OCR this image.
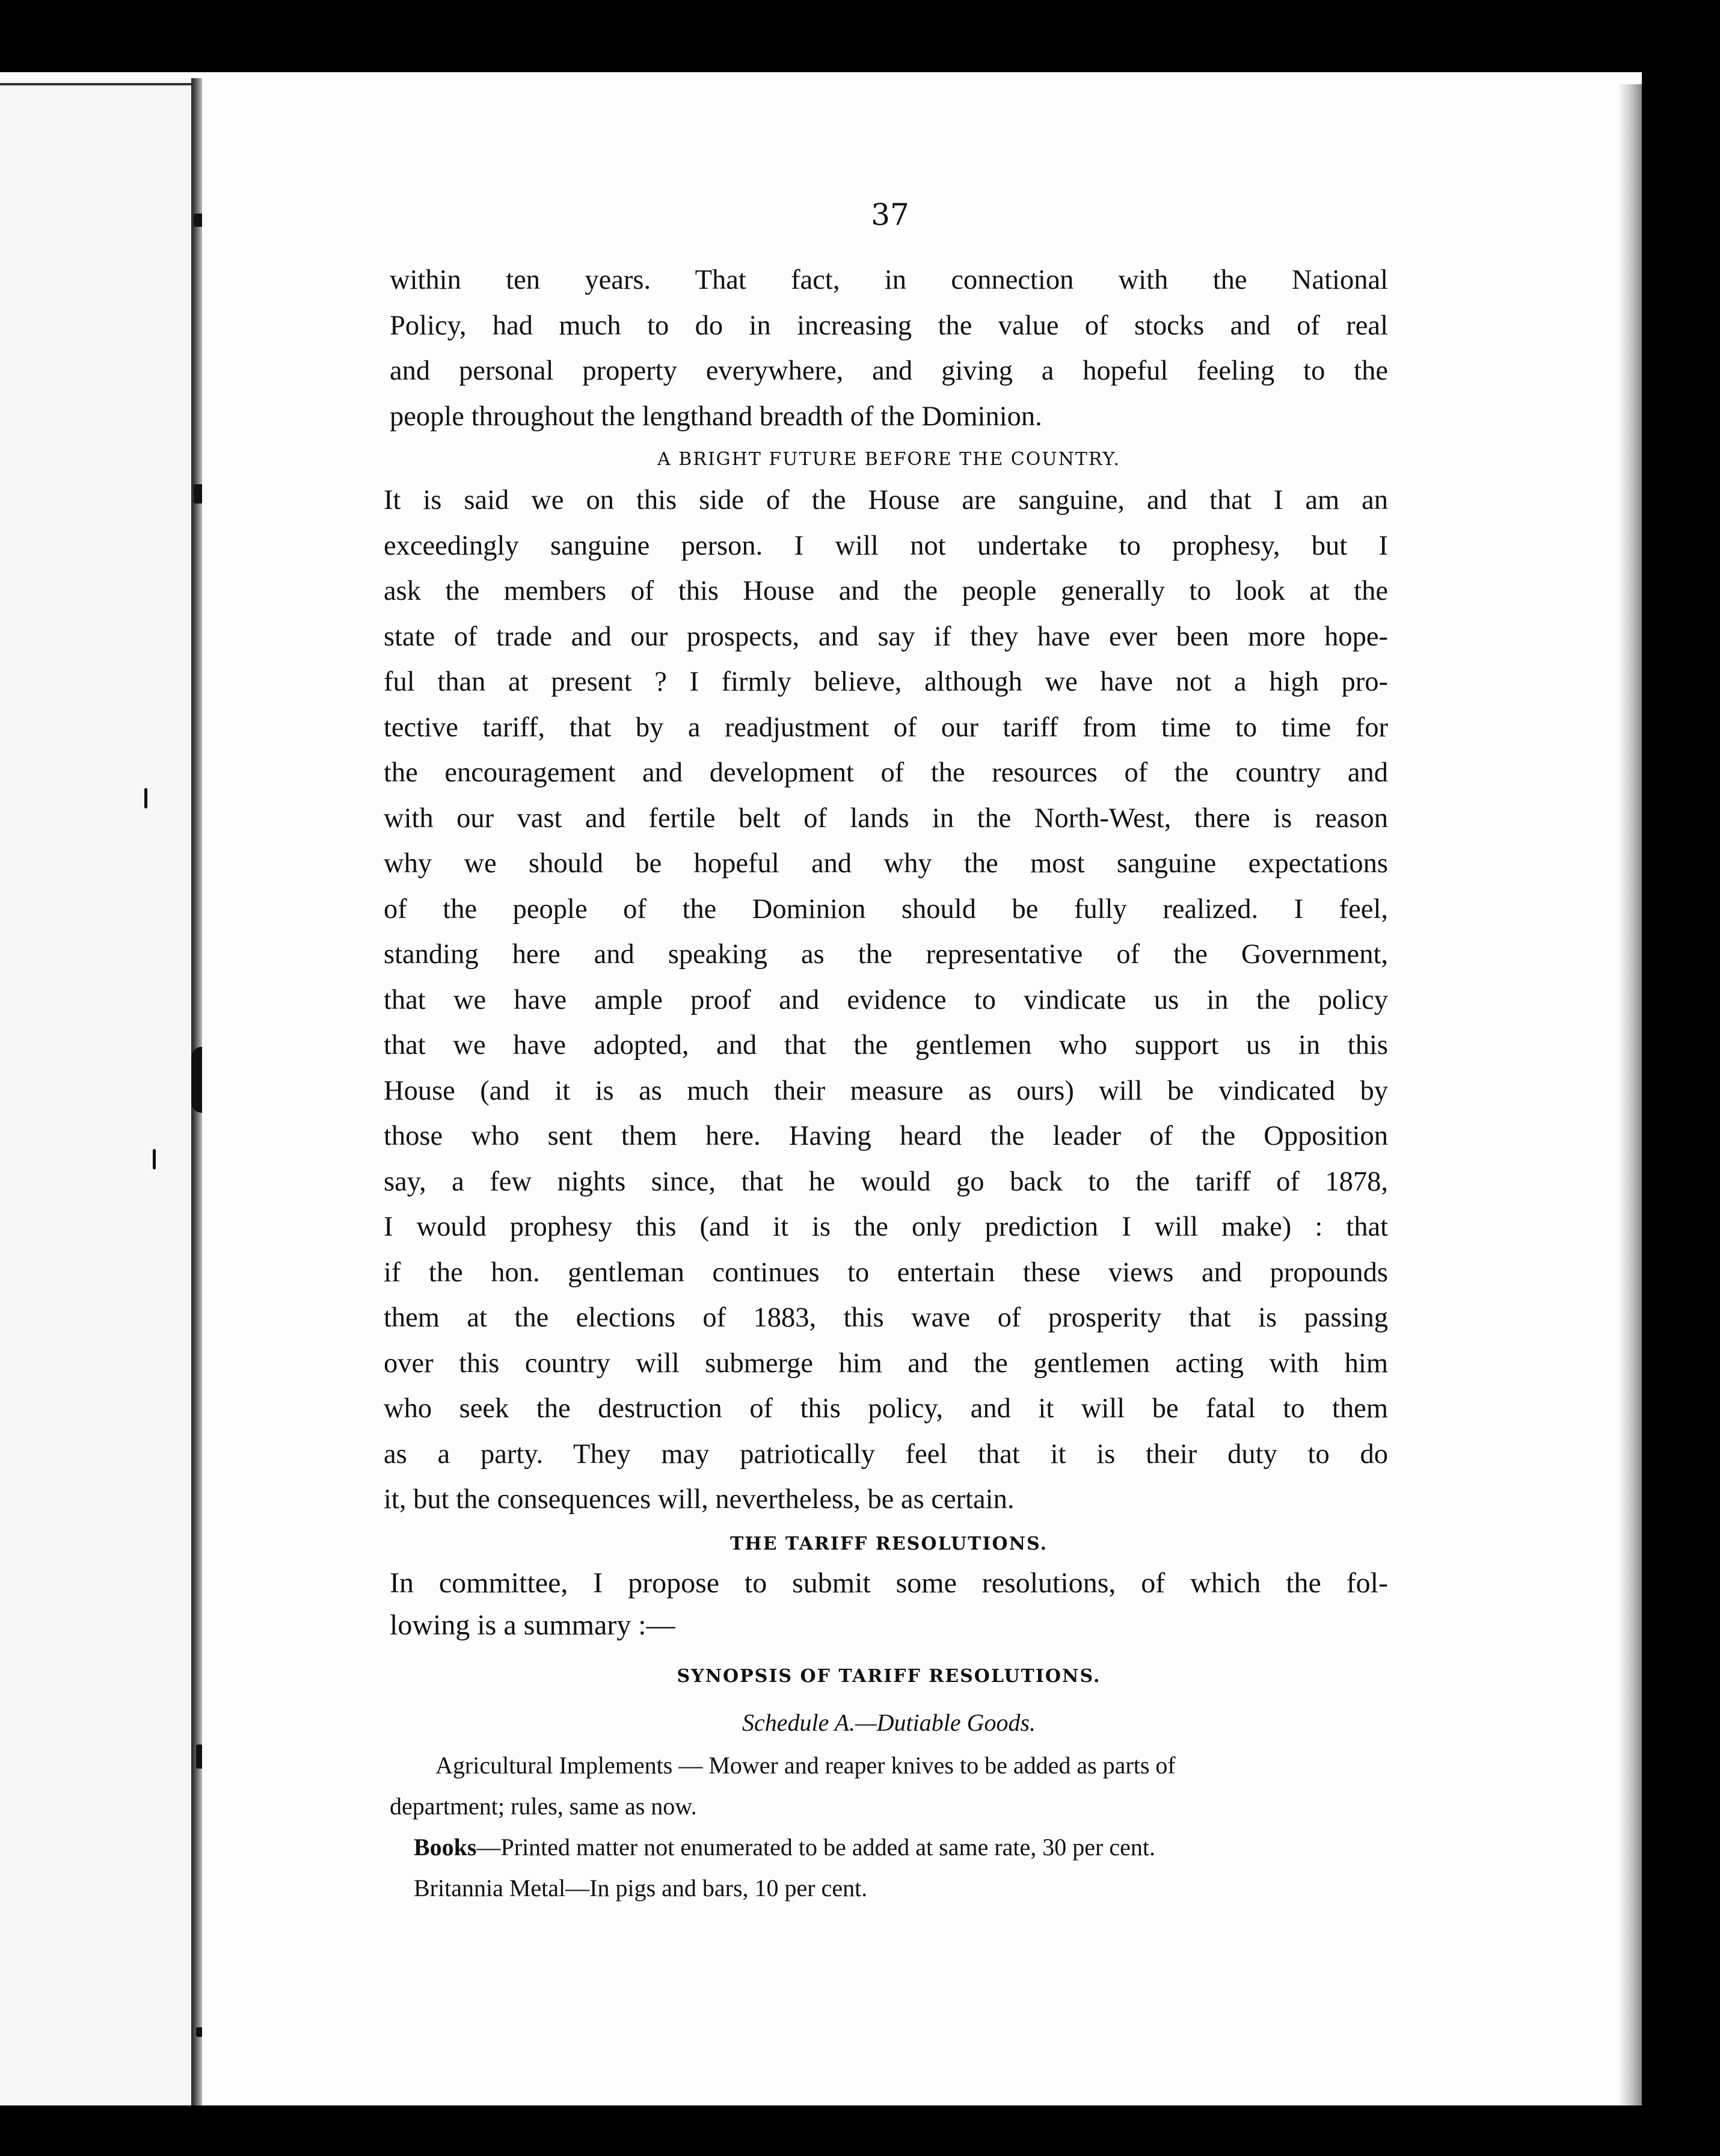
37

within ten years. That fact, in connection with the National

Policy, had much to do in increasing the value of stocks and of real

and personal property everywhere, and giving a hopeful feeling to the

people throughout the lengthand breadth of the Dominion.

A BRIGHT FUTURE BEFORE THE COUNTRY.

It is said we on this side of the House are sanguine, and that I am an

exceedingly sanguine person. I will not undertake to prophesy, but I

ask the members of this House and the people generally to look at the

state of trade and our prospects, and say if they have ever been more hope-

ful than at present ? I firmly believe, although we have not a high pro-

tective tariff, that by a readjustment of our tariff from time to time for

the encouragement and development of the resources of the country and

with our vast and fertile belt of lands in the North-West, there is reason

why we should be hopeful and why the most sanguine expectations

of the people of the Dominion should be fully realized. I feel,

standing here and speaking as the representative of the Government,

that we have ample proof and evidence to vindicate us in the policy

that we have adopted, and that the gentlemen who support us in this

House (and it is as much their measure as ours) will be vindicated by

those who sent them here. Having heard the leader of the Opposition

say, a few nights since, that he would go back to the tariff of 1878,

I would prophesy this (and it is the only prediction I will make) : that

if the hon. gentleman continues to entertain these views and propounds

them at the elections of 1883, this wave of prosperity that is passing

over this country will submerge him and the gentlemen acting with him

who seek the destruction of this policy, and it will be fatal to them

as a party. They may patriotically feel that it is their duty to do

it, but the consequences will, nevertheless, be as certain.

THE TARIFF RESOLUTIONS.

In committee, I propose to submit some resolutions, of which the fol-

lowing is a summary :—

SYNOPSIS OF TARIFF RESOLUTIONS.

Schedule A.—Dutiable Goods.

Agricultural Implements — Mower and reaper knives to be added as parts of

department; rules, same as now.

Books—Printed matter not enumerated to be added at same rate, 30 per cent.

Britannia Metal—In pigs and bars, 10 per cent.
